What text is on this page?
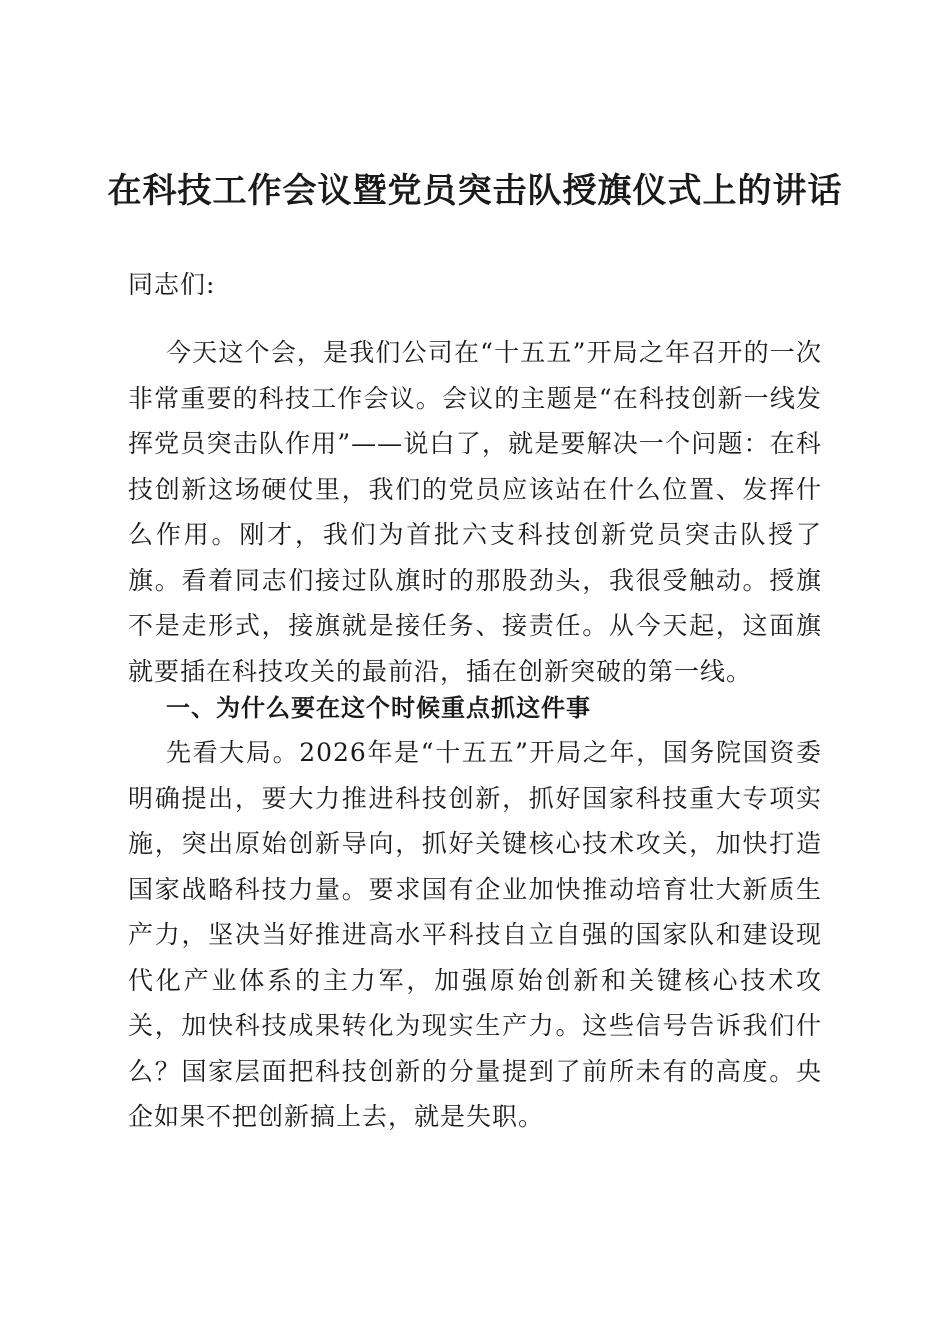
在科技工作会议暨党员突击队授旗仪式上的讲话

同志们:

今天这个会，是我们公司在“十五五”开局之年召开的一次非常重要的科技工作会议。会议的主题是“在科技创新一线发挥党员突击队作用”——说白了，就是要解决一个问题：在科技创新这场硬仗里，我们的党员应该站在什么位置、发挥什么作用。刚才，我们为首批六支科技创新党员突击队授了旗。看着同志们接过队旗时的那股劲头，我很受触动。授旗不是走形式，接旗就是接任务、接责任。从今天起，这面旗就要插在科技攻关的最前沿，插在创新突破的第一线。

一、为什么要在这个时候重点抓这件事

先看大局。2026年是“十五五”开局之年，国务院国资委明确提出，要大力推进科技创新，抓好国家科技重大专项实施，突出原始创新导向，抓好关键核心技术攻关，加快打造国家战略科技力量。要求国有企业加快推动培育壮大新质生产力，坚决当好推进高水平科技自立自强的国家队和建设现代化产业体系的主力军，加强原始创新和关键核心技术攻关，加快科技成果转化为现实生产力。这些信号告诉我们什么？国家层面把科技创新的分量提到了前所未有的高度。央企如果不把创新搞上去，就是失职。
